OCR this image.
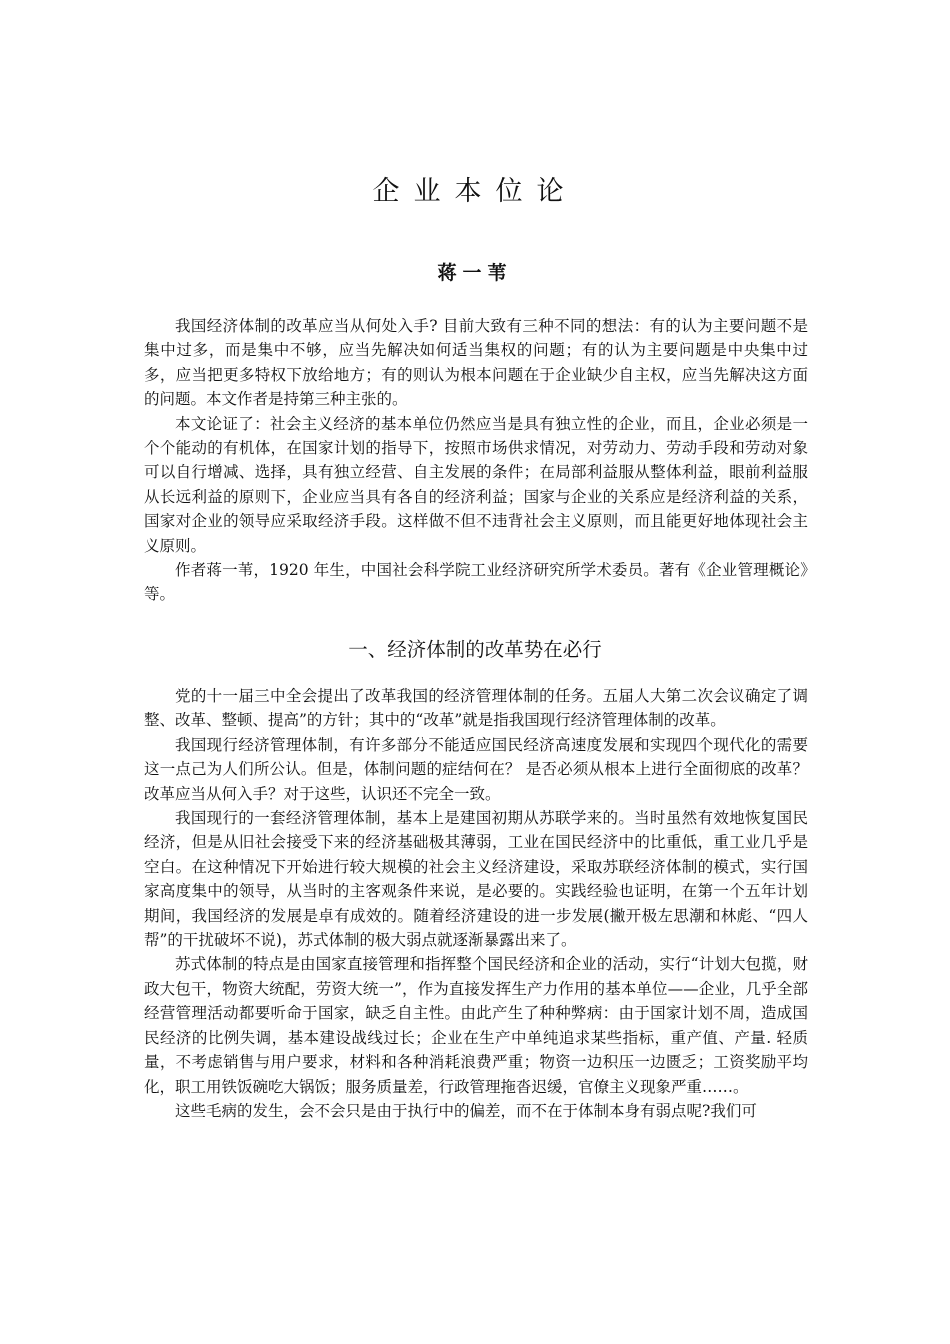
企业本位论
蒋一苇

我国经济体制的改革应当从何处入手? 目前大致有三种不同的想法：有的认为主要问题不是集中过多，而是集中不够，应当先解决如何适当集权的问题；有的认为主要问题是中央集中过多，应当把更多特权下放给地方；有的则认为根本问题在于企业缺少自主权，应当先解决这方面的问题。本文作者是持第三种主张的。

本文论证了：社会主义经济的基本单位仍然应当是具有独立性的企业，而且，企业必须是一个个能动的有机体，在国家计划的指导下，按照市场供求情况，对劳动力、劳动手段和劳动对象可以自行增减、选择，具有独立经营、自主发展的条件；在局部利益服从整体利益，眼前利益服从长远利益的原则下，企业应当具有各自的经济利益；国家与企业的关系应是经济利益的关系，国家对企业的领导应采取经济手段。这样做不但不违背社会主义原则，而且能更好地体现社会主义原则。

作者蒋一苇，1920 年生，中国社会科学院工业经济研究所学术委员。著有《企业管理概论》等。

一、经济体制的改革势在必行

党的十一届三中全会提出了改革我国的经济管理体制的任务。五届人大第二次会议确定了调整、改革、整顿、提高”的方针；其中的“改革”就是指我国现行经济管理体制的改革。

我国现行经济管理体制，有许多部分不能适应国民经济高速度发展和实现四个现代化的需要这一点己为人们所公认。但是，体制问题的症结何在？ 是否必须从根本上进行全面彻底的改革？ 改革应当从何入手？对于这些，认识还不完全一致。

我国现行的一套经济管理体制，基本上是建国初期从苏联学来的。当时虽然有效地恢复国民经济，但是从旧社会接受下来的经济基础极其薄弱，工业在国民经济中的比重低，重工业几乎是空白。在这种情况下开始进行较大规模的社会主义经济建设，采取苏联经济体制的模式，实行国家高度集中的领导，从当时的主客观条件来说，是必要的。实践经验也证明，在第一个五年计划期间，我国经济的发展是卓有成效的。随着经济建设的进一步发展(撇开极左思潮和林彪、“四人帮”的干扰破坏不说)，苏式体制的极大弱点就逐渐暴露出来了。

苏式体制的特点是由国家直接管理和指挥整个国民经济和企业的活动，实行“计划大包揽，财政大包干，物资大统配，劳资大统一”，作为直接发挥生产力作用的基本单位——企业，几乎全部经营管理活动都要听命于国家，缺乏自主性。由此产生了种种弊病：由于国家计划不周，造成国民经济的比例失调，基本建设战线过长；企业在生产中单纯追求某些指标，重产值、产量. 轻质量，不考虑销售与用户要求，材料和各种消耗浪费严重；物资一边积压一边匮乏；工资奖励平均化，职工用铁饭碗吃大锅饭；服务质量差，行政管理拖沓迟缓，官僚主义现象严重……。

这些毛病的发生，会不会只是由于执行中的偏差，而不在于体制本身有弱点呢?我们可
